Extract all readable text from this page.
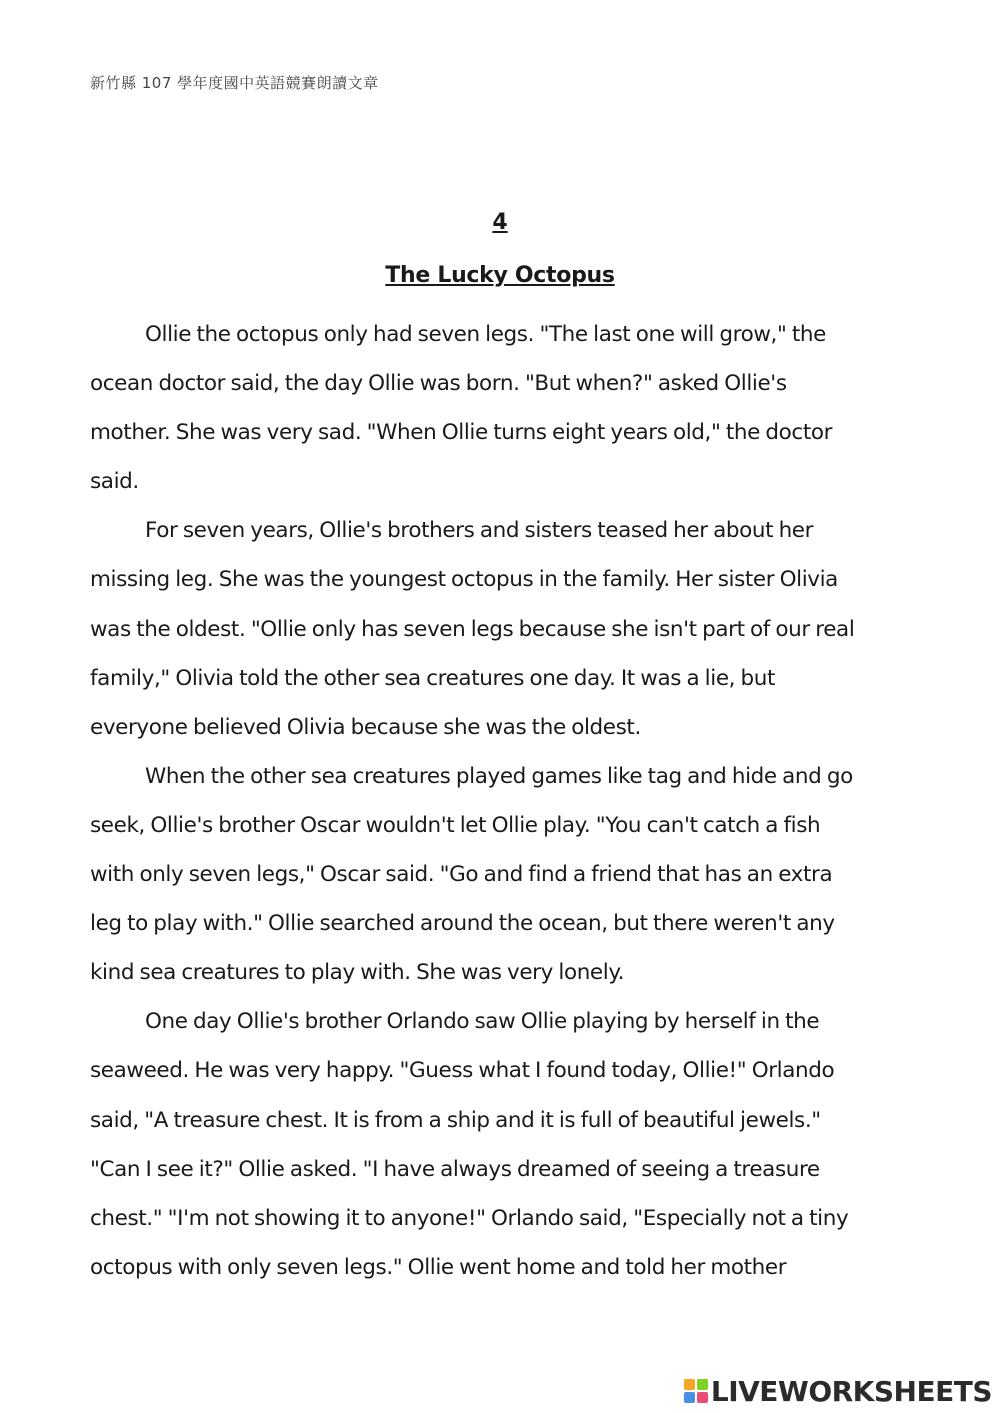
新竹縣 107 學年度國中英語競賽朗讀文章
4
The Lucky Octopus
Ollie the octopus only had seven legs. "The last one will grow," the
ocean doctor said, the day Ollie was born. "But when?" asked Ollie's
mother. She was very sad. "When Ollie turns eight years old," the doctor
said.
For seven years, Ollie's brothers and sisters teased her about her
missing leg. She was the youngest octopus in the family. Her sister Olivia
was the oldest. "Ollie only has seven legs because she isn't part of our real
family," Olivia told the other sea creatures one day. It was a lie, but
everyone believed Olivia because she was the oldest.
When the other sea creatures played games like tag and hide and go
seek, Ollie's brother Oscar wouldn't let Ollie play. "You can't catch a fish
with only seven legs," Oscar said. "Go and find a friend that has an extra
leg to play with." Ollie searched around the ocean, but there weren't any
kind sea creatures to play with. She was very lonely.
One day Ollie's brother Orlando saw Ollie playing by herself in the
seaweed. He was very happy. "Guess what I found today, Ollie!" Orlando
said, "A treasure chest. It is from a ship and it is full of beautiful jewels."
"Can I see it?" Ollie asked. "I have always dreamed of seeing a treasure
chest." "I'm not showing it to anyone!" Orlando said, "Especially not a tiny
octopus with only seven legs." Ollie went home and told her mother
LIVEWORKSHEETS
